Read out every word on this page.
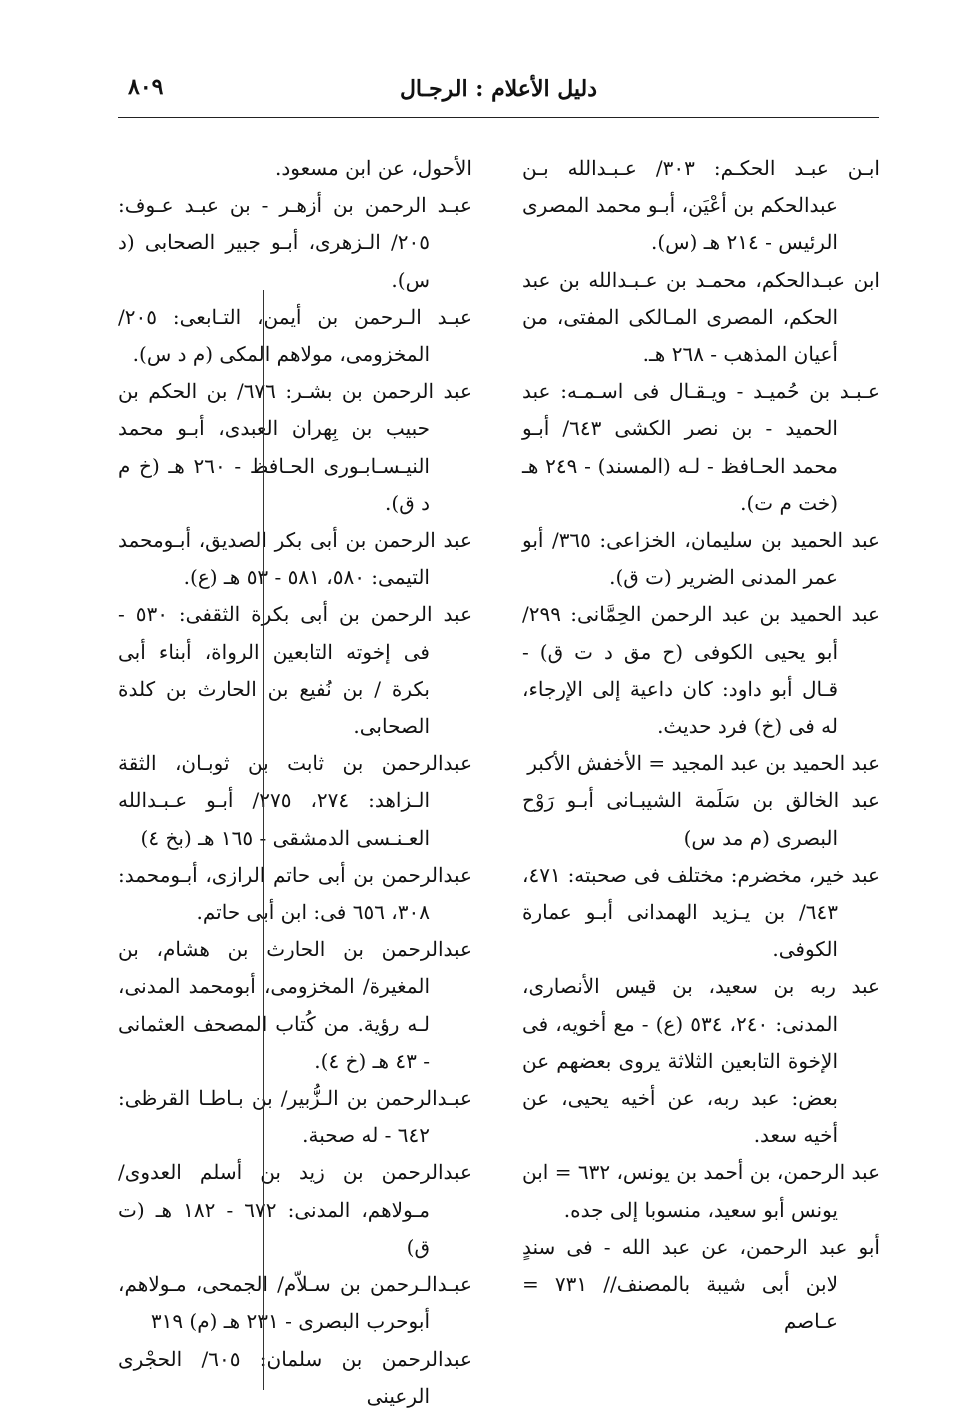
٨٠٩	دليل الأعلام : الرجـال

ابـن عبـد الحكـم: ٣٠٣/ عـبـدالله بـن عبدالحكم بن أعْيَن، أبـو محمد المصرى الرئيس - ٢١٤ هـ (س).

ابن عبـدالحكم، محمـد بن عـبـدالله بن عبد الحكم، المصرى المـالكى المفتى، من أعيان المذهب - ٢٦٨ هـ.

عـبـد بن حُميـد - ويـقـال فى اسـمـه: عبد الحميد - بن نصر الكشى ٦٤٣/ أبـو محمد الحـافظ - لـه (المسند) - ٢٤٩ هـ (خت م ت).

عبد الحميد بن سليمان، الخزاعى: ٣٦٥/ أبو عمر المدنى الضرير (ت ق).

عبد الحميد بن عبد الرحمن الحِمَّانى: ٢٩٩/ أبو يحيى الكوفى (ح مق د ت ق) - قـال أبو داود: كان داعية إلى الإرجاء، له فى (خ) فرد حديث.

عبد الحميد بن عبد المجيد = الأخفش الأكبر

عبد الخالق بن سَلَمة الشيبـانى أبـو رَوْح البصرى (م مد س)

عبد خير، مخضرم: مختلف فى صحبته: ٤٧١، ٦٤٣/ بن يـزيد الهمدانى أبـو عمارة الكوفى.

عبد ربه بن سعيد، بن قيس الأنصارى، المدنى: ٢٤٠، ٥٣٤ (ع) - مع أخويه، فى الإخوة التابعين الثلاثة يروى بعضهم عن بعض: عبد ربه، عن أخيه يحيى، عن أخيه سعد.

عبد الرحمن، بن أحمد بن يونس، ٦٣٢ = ابن يونس أبو سعيد، منسوبا إلى جده.

أبو عبد الرحمن، عن عبد الله - فى سندٍ لابن أبى شيبة بالمصنف// ٧٣١ = عـاصم

الأحول، عن ابن مسعود.

عبـد الرحمن بن أزهـر - بن عبـد عـوف: ٢٠٥/ الـزهرى، أبـو جبير الصحابى (د س).

عبـد الـرحمن بن أيمن، التـابعى: ٢٠٥/ المخزومى، مولاهم المكى (م د س).

عبد الرحمن بن بشـر: ٦٧٦/ بن الحكم بن حبيب بن بِهران العبدى، أبـو محمد النيـسـابـورى الحـافظ - ٢٦٠ هـ (خ م د ق).

عبد الرحمن بن أبى بكر الصديق، أبـومحمد التيمى: ٥٨٠، ٥٨١ - ٥٣ هـ (ع).

عبد الرحمن بن أبى بكرة الثقفى: ٥٣٠ - فى إخوته التابعين الرواة، أبناء أبى بكرة / بن نُفيع بن الحارث بن كلدة الصحابى.

عبدالرحمن بن ثابت بن ثوبـان، الثقة الـزاهد: ٢٧٤، ٢٧٥/ أبـو عـبـدالله العـنـسى الدمشقى - ١٦٥ هـ (بخ ٤)

عبدالرحمن بن أبى حاتم الرازى، أبـومحمد: ٣٠٨، ٦٥٦ فى: ابن أبى حاتم.

عبدالرحمن بن الحارث بن هشام، بن المغيرة/ المخزومى، أبومحمد المدنى، لـه رؤية. من كُتاب المصحف العثمانى - ٤٣ هـ (خ ٤).

عبـدالرحمن بن الـزُّبير/ بن بـاطـا القرظى: ٦٤٢ - له صحبة.

عبدالرحمن بن زيد بن أسلم العدوى/ مـولاهم، المدنى: ٦٧٢ - ١٨٢ هـ (ت ق)

عبـدالـرحمن بن سـلاّم/ الجمحى، مـولاهم، أبوحرب البصرى - ٢٣١ هـ (م) ٣١٩

عبدالرحمن بن سلمان: ٦٠٥/ الحجْرى الرعينى
